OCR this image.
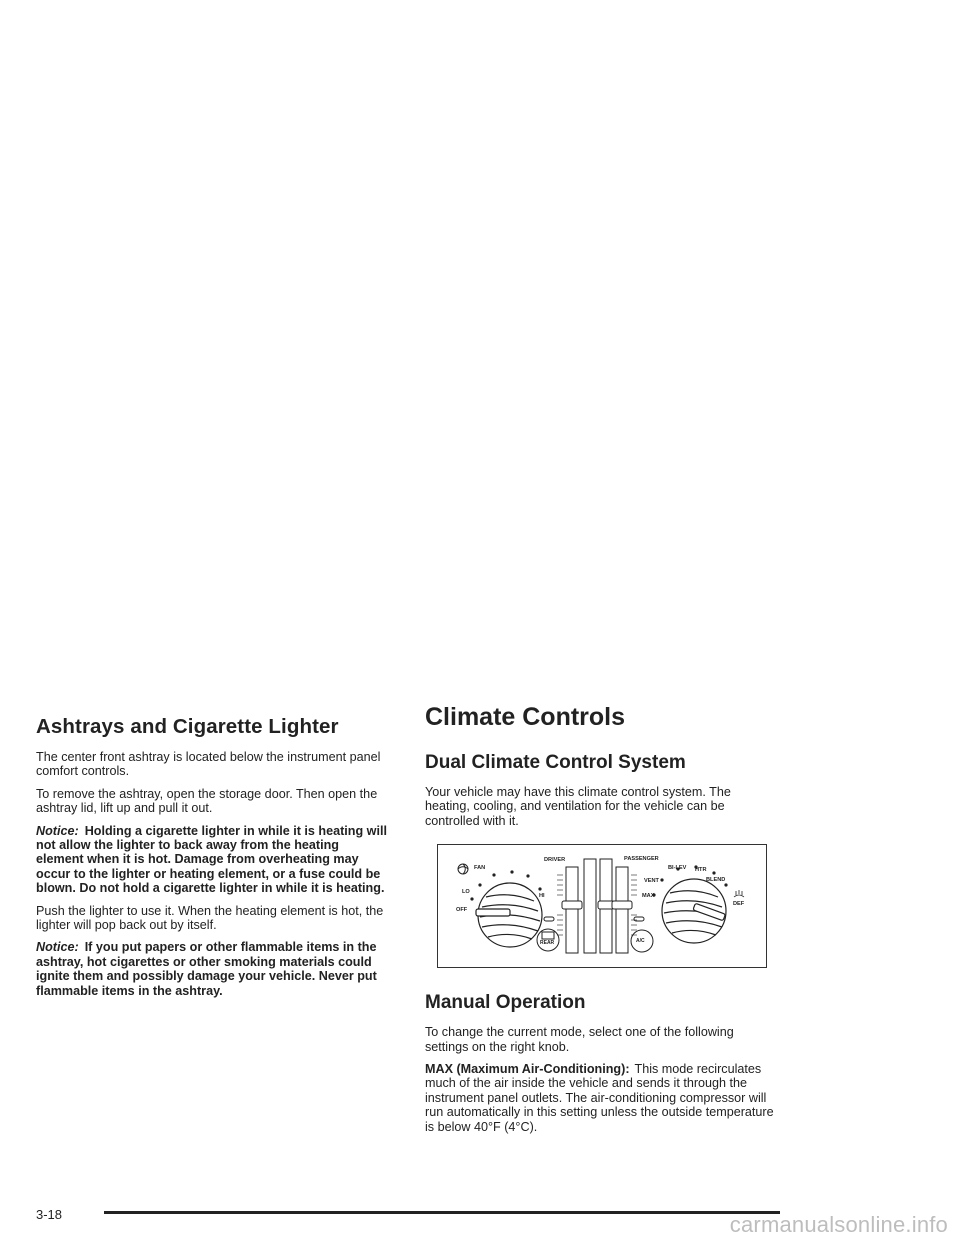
Ashtrays and Cigarette Lighter

The center front ashtray is located below the instrument panel comfort controls.

To remove the ashtray, open the storage door. Then open the ashtray lid, lift up and pull it out.

Notice: Holding a cigarette lighter in while it is heating will not allow the lighter to back away from the heating element when it is hot. Damage from overheating may occur to the lighter or heating element, or a fuse could be blown. Do not hold a cigarette lighter in while it is heating.

Push the lighter to use it. When the heating element is hot, the lighter will pop back out by itself.

Notice: If you put papers or other flammable items in the ashtray, hot cigarettes or other smoking materials could ignite them and possibly damage your vehicle. Never put flammable items in the ashtray.

Climate Controls
Dual Climate Control System

Your vehicle may have this climate control system. The heating, cooling, and ventilation for the vehicle can be controlled with it.

FAN
LO
HI
OFF
DRIVER	PASSENGER
BI-LEV HTR
VENT	BLEND
MAX
DEF
REAR	A/C
Manual Operation

To change the current mode, select one of the following settings on the right knob.

MAX (Maximum Air-Conditioning): This mode recirculates much of the air inside the vehicle and sends it through the instrument panel outlets. The air-conditioning compressor will run automatically in this setting unless the outside temperature is below 40°F (4°C).

3-18	carmanualsonline.info
